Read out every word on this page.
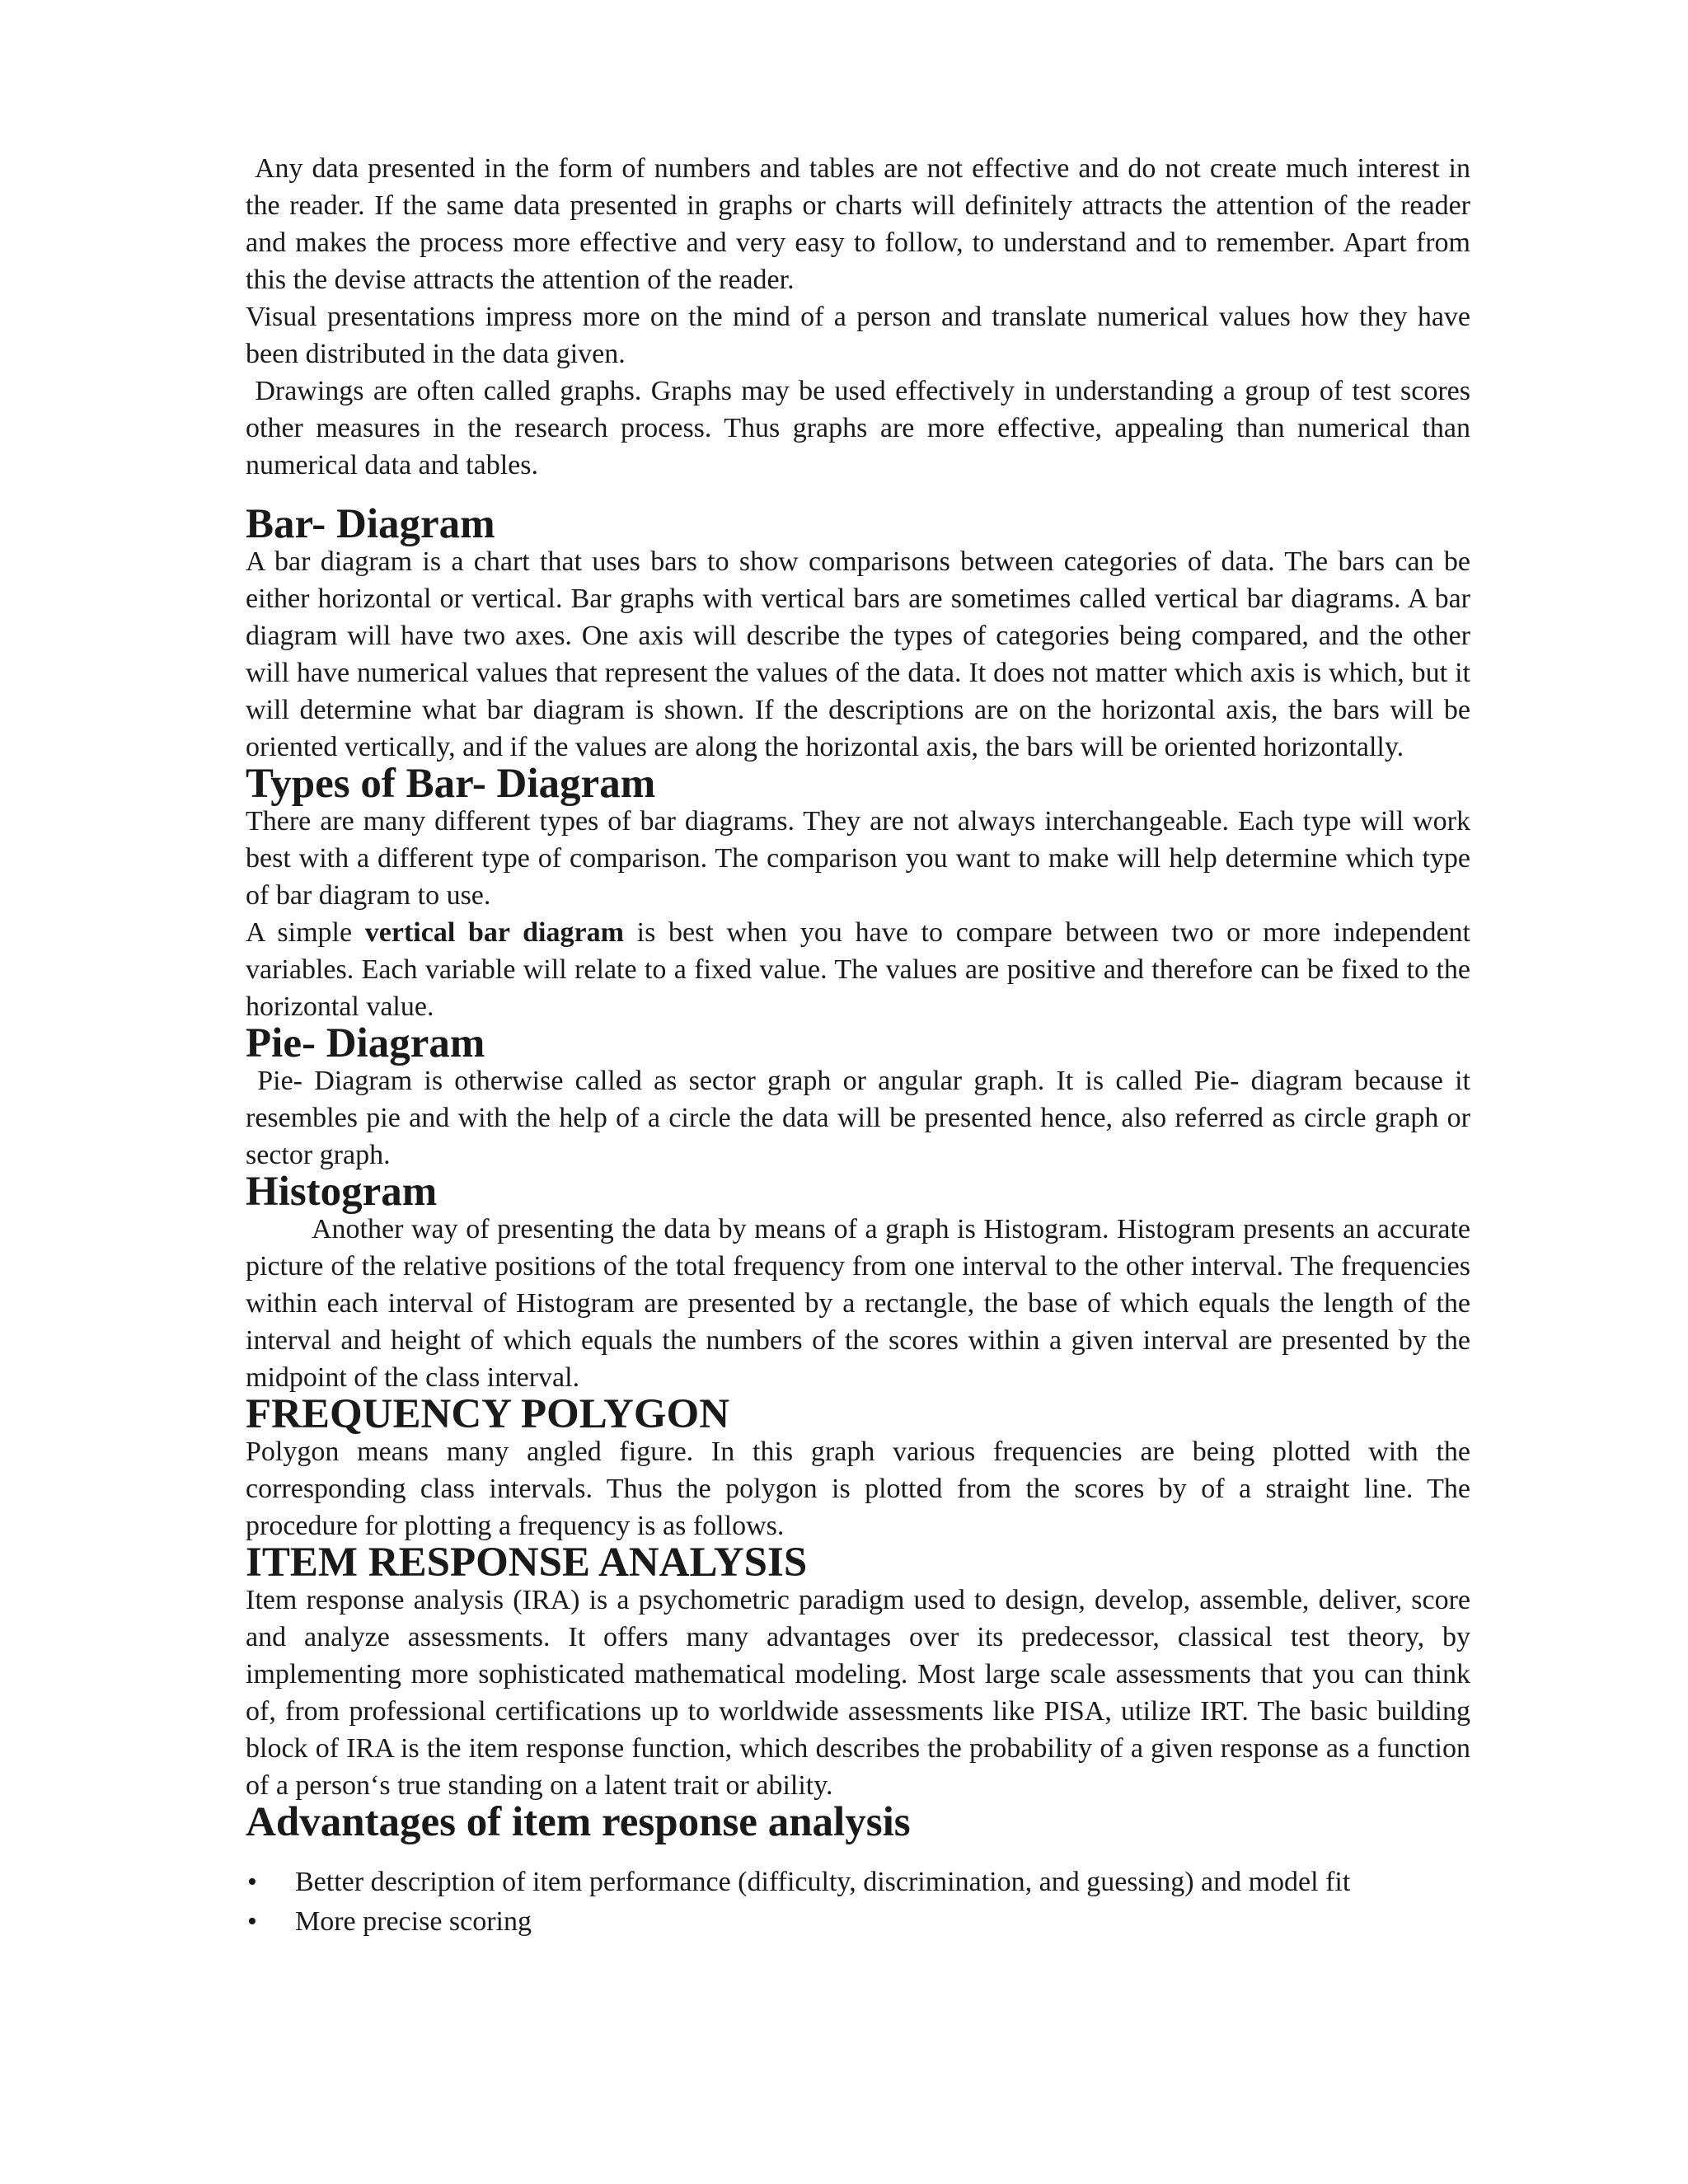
Any data presented in the form of numbers and tables are not effective and do not create much interest in the reader. If the same data presented in graphs or charts will definitely attracts the attention of the reader and makes the process more effective and very easy to follow, to understand and to remember. Apart from this the devise attracts the attention of the reader.

Visual presentations impress more on the mind of a person and translate numerical values how they have been distributed in the data given.

Drawings are often called graphs. Graphs may be used effectively in understanding a group of test scores other measures in the research process. Thus graphs are more effective, appealing than numerical than numerical data and tables.

Bar- Diagram

A bar diagram is a chart that uses bars to show comparisons between categories of data. The bars can be either horizontal or vertical. Bar graphs with vertical bars are sometimes called vertical bar diagrams. A bar diagram will have two axes. One axis will describe the types of categories being compared, and the other will have numerical values that represent the values of the data. It does not matter which axis is which, but it will determine what bar diagram is shown. If the descriptions are on the horizontal axis, the bars will be oriented vertically, and if the values are along the horizontal axis, the bars will be oriented horizontally.

Types of Bar- Diagram

There are many different types of bar diagrams. They are not always interchangeable. Each type will work best with a different type of comparison. The comparison you want to make will help determine which type of bar diagram to use.

A simple vertical bar diagram is best when you have to compare between two or more independent variables. Each variable will relate to a fixed value. The values are positive and therefore can be fixed to the horizontal value.

Pie- Diagram

Pie- Diagram is otherwise called as sector graph or angular graph. It is called Pie- diagram because it resembles pie and with the help of a circle the data will be presented hence, also referred as circle graph or sector graph.

Histogram

Another way of presenting the data by means of a graph is Histogram. Histogram presents an accurate picture of the relative positions of the total frequency from one interval to the other interval. The frequencies within each interval of Histogram are presented by a rectangle, the base of which equals the length of the interval and height of which equals the numbers of the scores within a given interval are presented by the midpoint of the class interval.

FREQUENCY POLYGON

Polygon means many angled figure. In this graph various frequencies are being plotted with the corresponding class intervals. Thus the polygon is plotted from the scores by of a straight line. The procedure for plotting a frequency is as follows.

ITEM RESPONSE ANALYSIS

Item response analysis (IRA) is a psychometric paradigm used to design, develop, assemble, deliver, score and analyze assessments. It offers many advantages over its predecessor, classical test theory, by implementing more sophisticated mathematical modeling. Most large scale assessments that you can think of, from professional certifications up to worldwide assessments like PISA, utilize IRT. The basic building block of IRA is the item response function, which describes the probability of a given response as a function of a person‘s true standing on a latent trait or ability.

Advantages of item response analysis
• Better description of item performance (difficulty, discrimination, and guessing) and model fit
• More precise scoring
